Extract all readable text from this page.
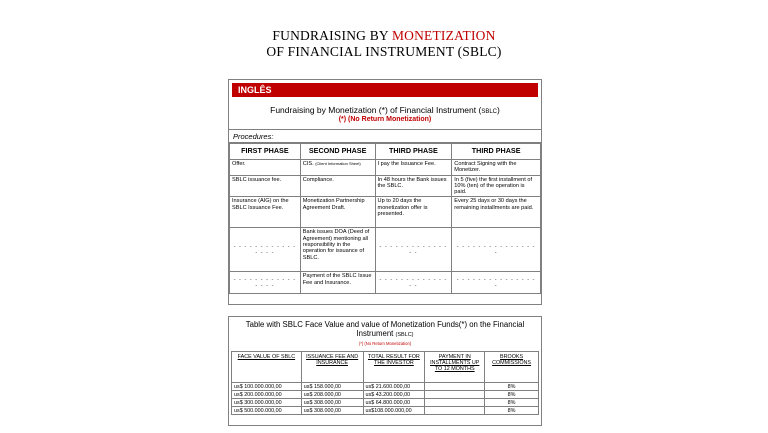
FUNDRAISING BY MONETIZATION
OF FINANCIAL INSTRUMENT (SBLC)
INGLÊS
Fundraising by Monetization (*) of Financial Instrument (SBLC)
(*) (No Return Monetization)
Procedures:
FIRST PHASE	SECOND PHASE	THIRD PHASE	THIRD PHASE
Offer.	CIS. (Client Information Sheet)	I pay the Issuance Fee.	Contract Signing with the Monetizer.
SBLC issuance fee.	Compliance.	In 48 hours the Bank issues the SBLC.	In 5 (five) the first installment of 10% (ten) of the operation is paid.
Insurance (AIG) on the SBLC Issuance Fee.	Monetization Partnership Agreement Draft.	Up to 20 days the monetization offer is presented.	Every 25 days or 30 days the remaining installments are paid.
- - - - - - - - - - - - - - - -	Bank issues DOA (Deed of Agreement) mentioning all responsibility in the operation for issuance of SBLC.	- - - - - - - - - - - - - - -	- - - - - - - - - - - - - - - -
- - - - - - - - - - - - - - - -	Payment of the SBLC Issue Fee and Insurance.	- - - - - - - - - - - - - - -	- - - - - - - - - - - - - - - -
Table with SBLC Face Value and value of Monetization Funds(*) on the Financial Instrument (SBLC)
(*) (No Return Monetization)
FACE VALUE OF SBLC	ISSUANCE FEE AND INSURANCE	TOTAL RESULT FOR THE INVESTOR	PAYMENT IN INSTALLMENTS UP TO 12 MONTHS	BROOKS COMMISSIONS
us$ 100.000.000,00	us$ 158.000,00	us$ 21.600.000,00		8%
us$ 200.000.000,00	us$ 208.000,00	us$ 43.200.000,00		8%
us$ 300.000.000,00	us$ 308.000,00	us$ 64.800.000,00		8%
us$ 500.000.000,00	us$ 308.000,00	us$108.000.000,00		8%
